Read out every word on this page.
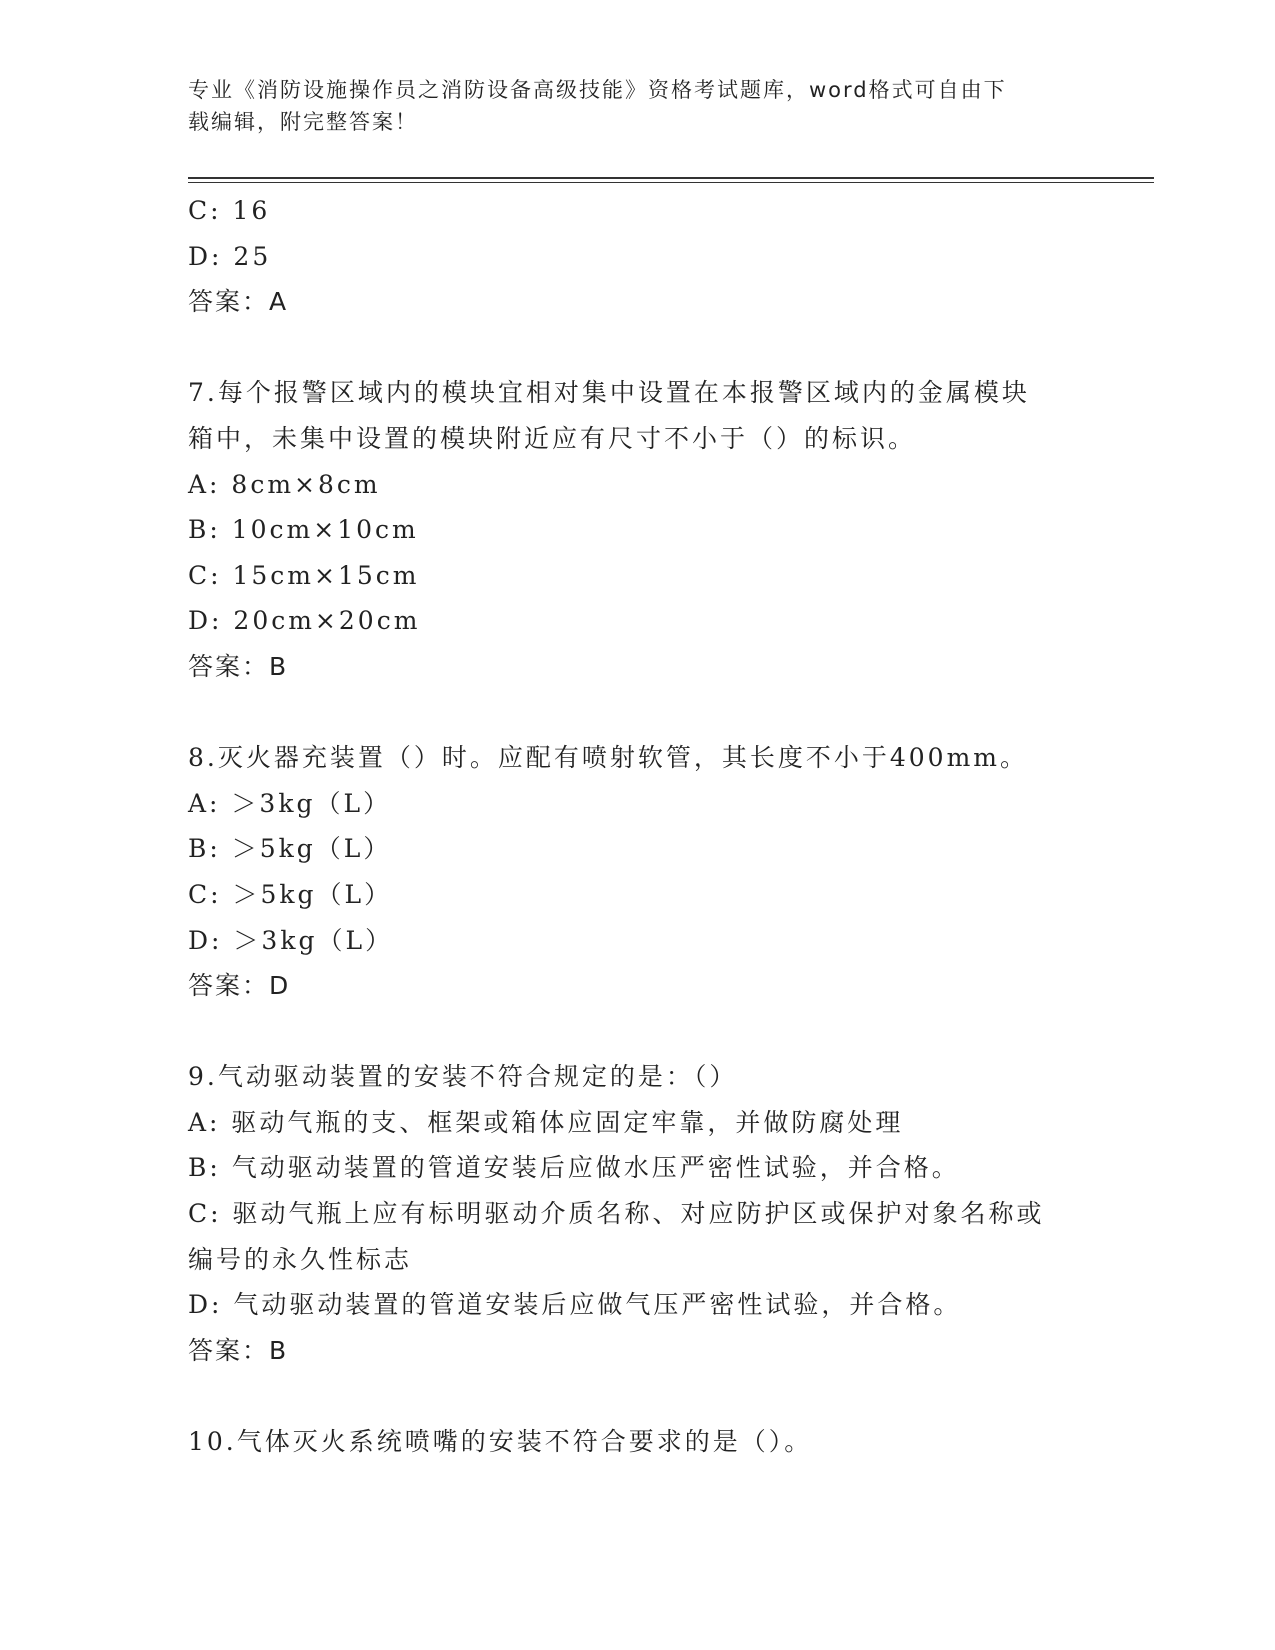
专业《消防设施操作员之消防设备高级技能》资格考试题库，word格式可自由下
载编辑，附完整答案！
C: 16
D: 25
答案：A
7.每个报警区域内的模块宜相对集中设置在本报警区域内的金属模块
箱中，未集中设置的模块附近应有尺寸不小于（）的标识。
A: 8cm×8cm
B: 10cm×10cm
C: 15cm×15cm
D: 20cm×20cm
答案：B
8.灭火器充装置（）时。应配有喷射软管，其长度不小于400mm。
A: ＞3kg（L）
B: ＞5kg（L）
C: ＞5kg（L）
D: ＞3kg（L）
答案：D
9.气动驱动装置的安装不符合规定的是：（）
A: 驱动气瓶的支、框架或箱体应固定牢靠，并做防腐处理
B: 气动驱动装置的管道安装后应做水压严密性试验，并合格。
C: 驱动气瓶上应有标明驱动介质名称、对应防护区或保护对象名称或
编号的永久性标志
D: 气动驱动装置的管道安装后应做气压严密性试验，并合格。
答案：B
10.气体灭火系统喷嘴的安装不符合要求的是（）。
